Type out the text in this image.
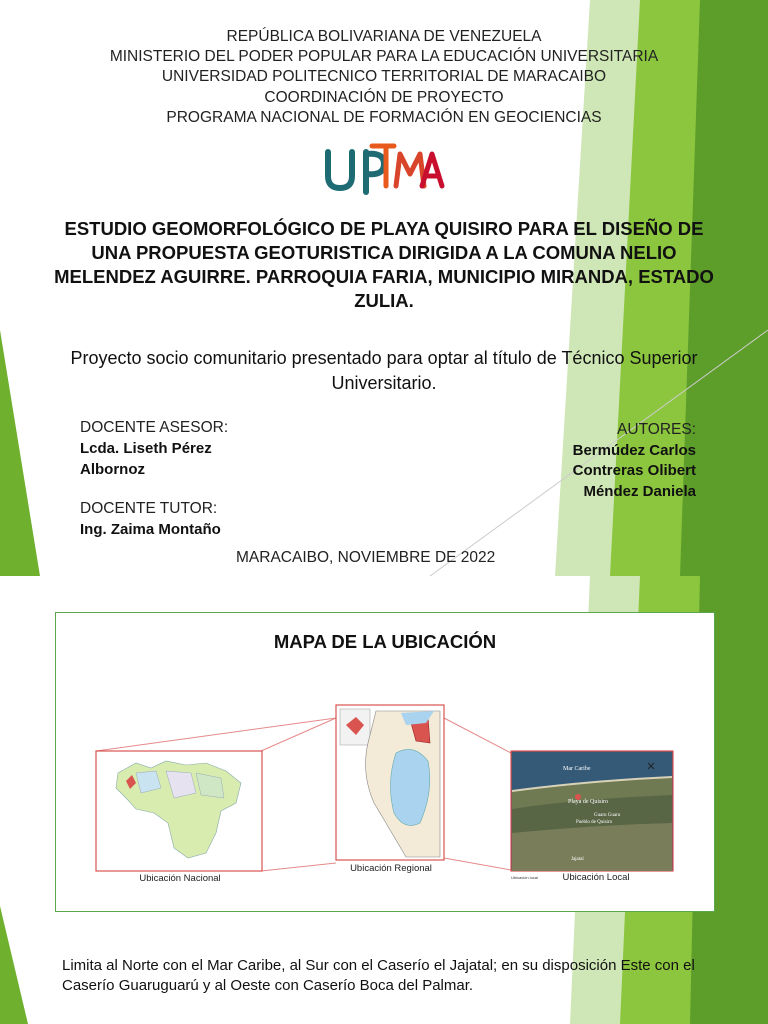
REPÚBLICA BOLIVARIANA DE VENEZUELA
MINISTERIO DEL PODER POPULAR PARA LA EDUCACIÓN UNIVERSITARIA
UNIVERSIDAD POLITECNICO TERRITORIAL DE MARACAIBO
COORDINACIÓN DE PROYECTO
PROGRAMA NACIONAL DE FORMACIÓN EN GEOCIENCIAS
ESTUDIO GEOMORFOLÓGICO DE PLAYA QUISIRO PARA EL DISEÑO DE UNA PROPUESTA GEOTURISTICA DIRIGIDA A LA COMUNA NELIO MELENDEZ AGUIRRE. PARROQUIA FARIA, MUNICIPIO MIRANDA, ESTADO ZULIA.
Proyecto socio comunitario presentado para optar al título de Técnico Superior Universitario.
DOCENTE ASESOR:
Lcda. Liseth Pérez
Albornoz
DOCENTE TUTOR:
Ing. Zaima Montaño
AUTORES:
Bermúdez Carlos
Contreras Olibert
Méndez Daniela
MARACAIBO, NOVIEMBRE DE 2022
MAPA DE LA UBICACIÓN
Mar Caribe
Playa de Quisiro
Guaru Guaru
Pueblo de Quisiro
Jajatal
Ubicación local
Ubicación Nacional
Ubicación Regional
Ubicación Local
Limita al Norte con el Mar Caribe, al Sur con el Caserío el Jajatal; en su disposición Este con el Caserío Guaruguarú y al Oeste con Caserío Boca del Palmar.
